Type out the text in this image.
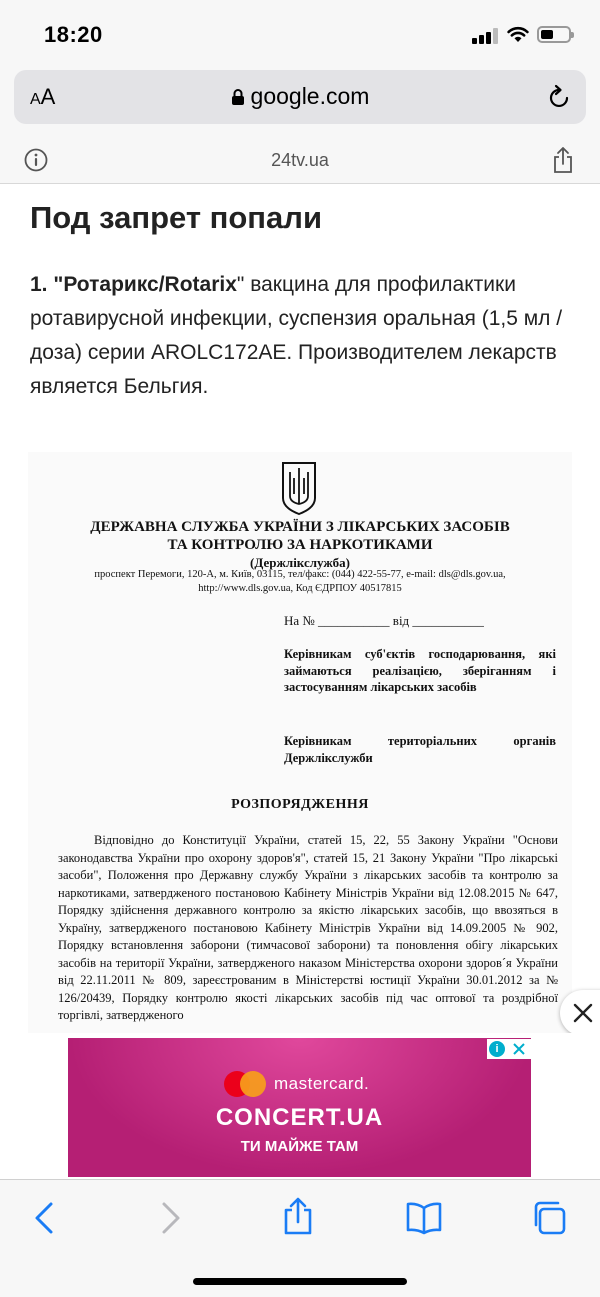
18:20
AA	google.com
24tv.ua
Под запрет попали

1. "Ротарикс/Rotarix" вакцина для профилактики ротавирусной инфекции, суспензия оральная (1,5 мл / доза) серии AROLC172AE. Производителем лекарств является Бельгия.

ДЕРЖАВНА СЛУЖБА УКРАЇНИ З ЛІКАРСЬКИХ ЗАСОБІВ
ТА КОНТРОЛЮ ЗА НАРКОТИКАМИ
(Держлікслужба)
проспект Перемоги, 120-А, м. Київ, 03115, тел/факс: (044) 422-55-77, e-mail: dls@dls.gov.ua,
http://www.dls.gov.ua, Код ЄДРПОУ 40517815
На № ___________ від ___________
Керівникам суб'єктів господарювання, які займаються реалізацією, зберіганням і застосуванням лікарських засобів
Керівникам територіальних органів Держлікслужби
РОЗПОРЯДЖЕННЯ
Відповідно до Конституції України, статей 15, 22, 55 Закону України "Основи законодавства України про охорону здоров'я", статей 15, 21 Закону України "Про лікарські засоби", Положення про Державну службу України з лікарських засобів та контролю за наркотиками, затвердженого постановою Кабінету Міністрів України від 12.08.2015 № 647, Порядку здійснення державного контролю за якістю лікарських засобів, що ввозяться в Україну, затвердженого постановою Кабінету Міністрів України від 14.09.2005 № 902, Порядку встановлення заборони (тимчасової заборони) та поновлення обігу лікарських засобів на території України, затвердженого наказом Міністерства охорони здоров´я України від 22.11.2011 № 809, зареєстрованим в Міністерстві юстиції України 30.01.2012 за № 126/20439, Порядку контролю якості лікарських засобів під час оптової та роздрібної торгівлі, затвердженого
mastercard.
CONCERT.UA
ТИ МАЙЖЕ ТАМ
i
